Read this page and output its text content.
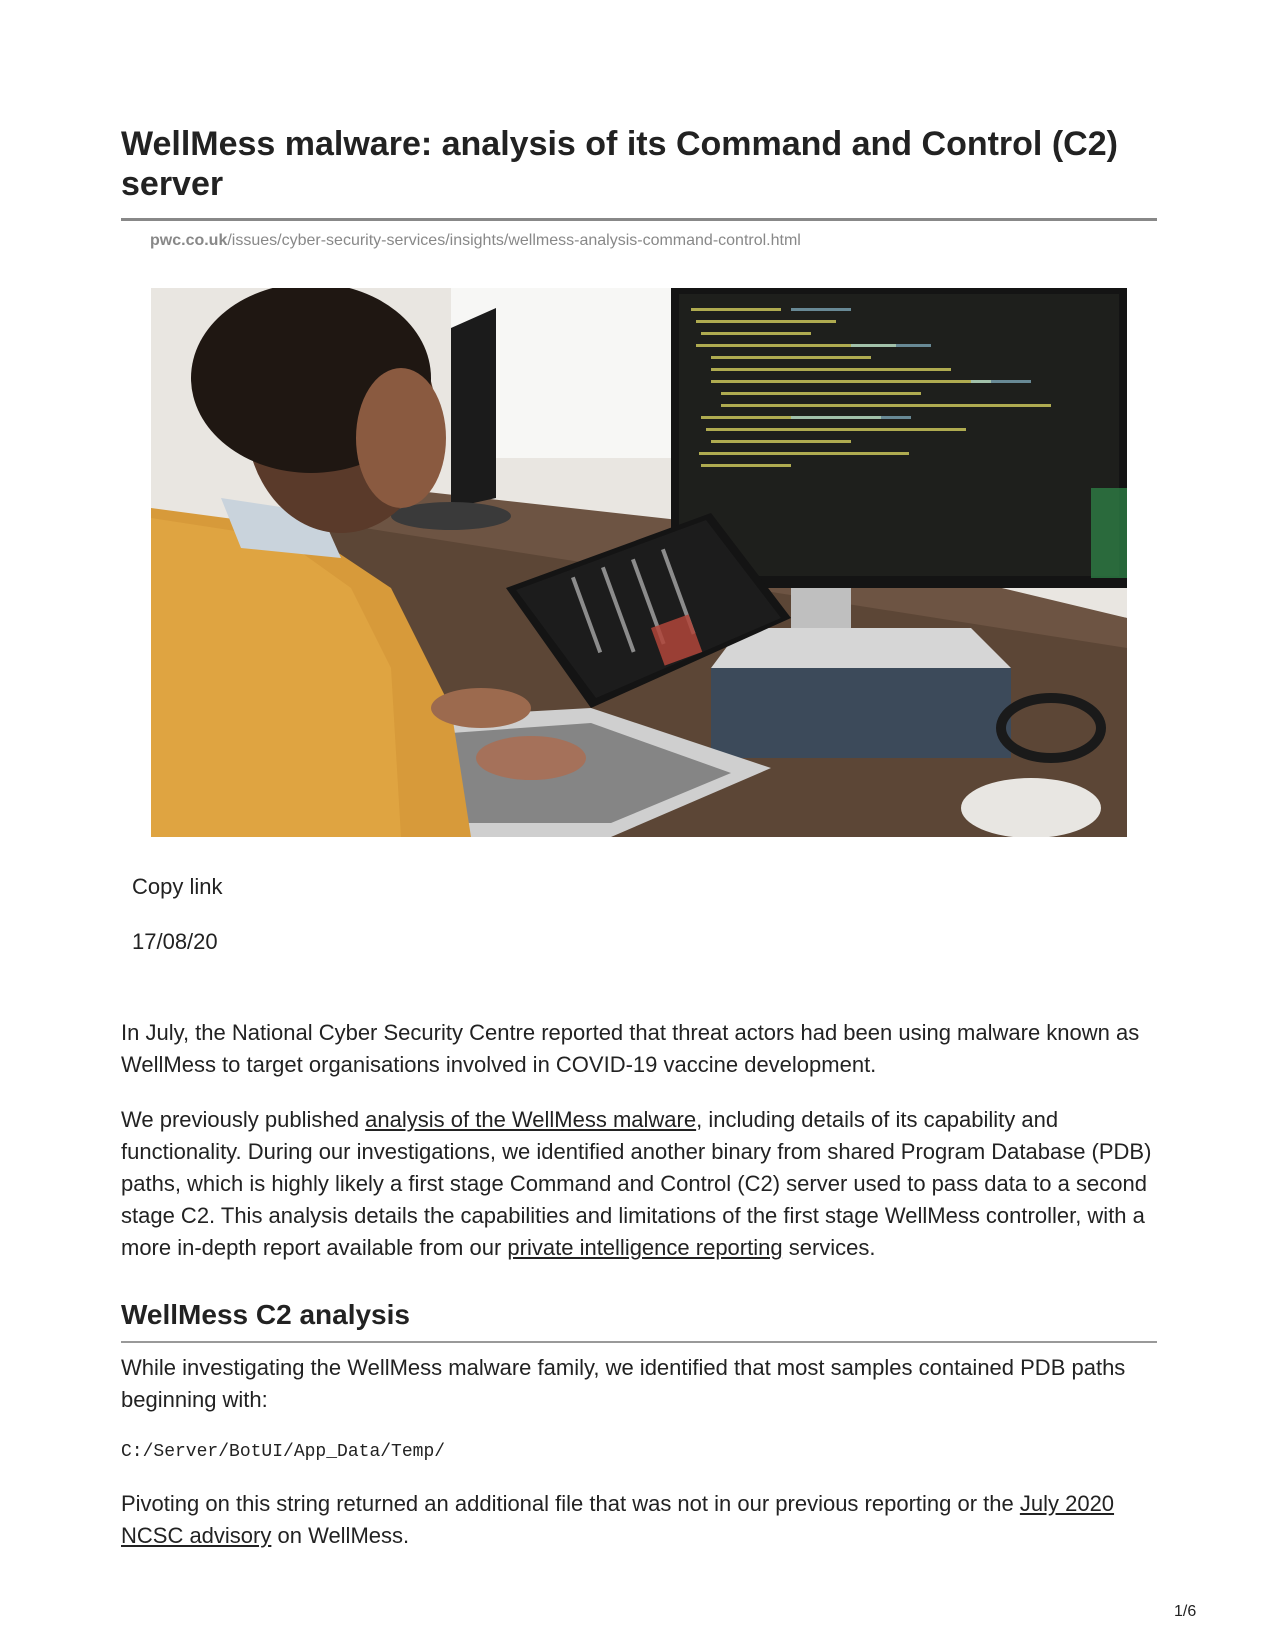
WellMess malware: analysis of its Command and Control (C2) server
pwc.co.uk/issues/cyber-security-services/insights/wellmess-analysis-command-control.html
Copy link
17/08/20

In July, the National Cyber Security Centre reported that threat actors had been using malware known as WellMess to target organisations involved in COVID-19 vaccine development.

We previously published analysis of the WellMess malware, including details of its capability and functionality. During our investigations, we identified another binary from shared Program Database (PDB) paths, which is highly likely a first stage Command and Control (C2) server used to pass data to a second stage C2. This analysis details the capabilities and limitations of the first stage WellMess controller, with a more in-depth report available from our private intelligence reporting services.

WellMess C2 analysis

While investigating the WellMess malware family, we identified that most samples contained PDB paths beginning with:

C:/Server/BotUI/App_Data/Temp/

Pivoting on this string returned an additional file that was not in our previous reporting or the July 2020 NCSC advisory on WellMess.

1/6
